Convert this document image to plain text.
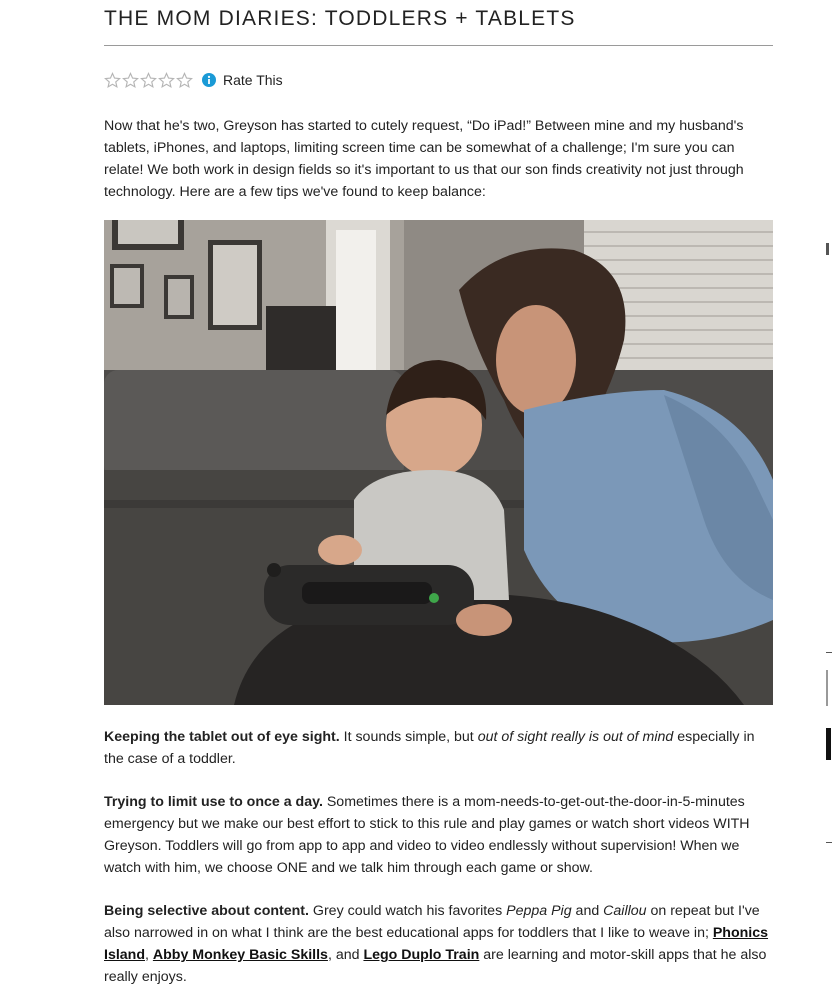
THE MOM DIARIES: TODDLERS + TABLETS
Rate This

Now that he's two, Greyson has started to cutely request, “Do iPad!” Between mine and my husband's tablets, iPhones, and laptops, limiting screen time can be somewhat of a challenge; I'm sure you can relate! We both work in design fields so it's important to us that our son finds creativity not just through technology. Here are a few tips we've found to keep balance:

Keeping the tablet out of eye sight. It sounds simple, but out of sight really is out of mind especially in the case of a toddler.

Trying to limit use to once a day. Sometimes there is a mom-needs-to-get-out-the-door-in-5-minutes emergency but we make our best effort to stick to this rule and play games or watch short videos WITH Greyson. Toddlers will go from app to app and video to video endlessly without supervision! When we watch with him, we choose ONE and we talk him through each game or show.

Being selective about content. Grey could watch his favorites Peppa Pig and Caillou on repeat but I've also narrowed in on what I think are the best educational apps for toddlers that I like to weave in; Phonics Island, Abby Monkey Basic Skills, and Lego Duplo Train are learning and motor-skill apps that he also really enjoys.
